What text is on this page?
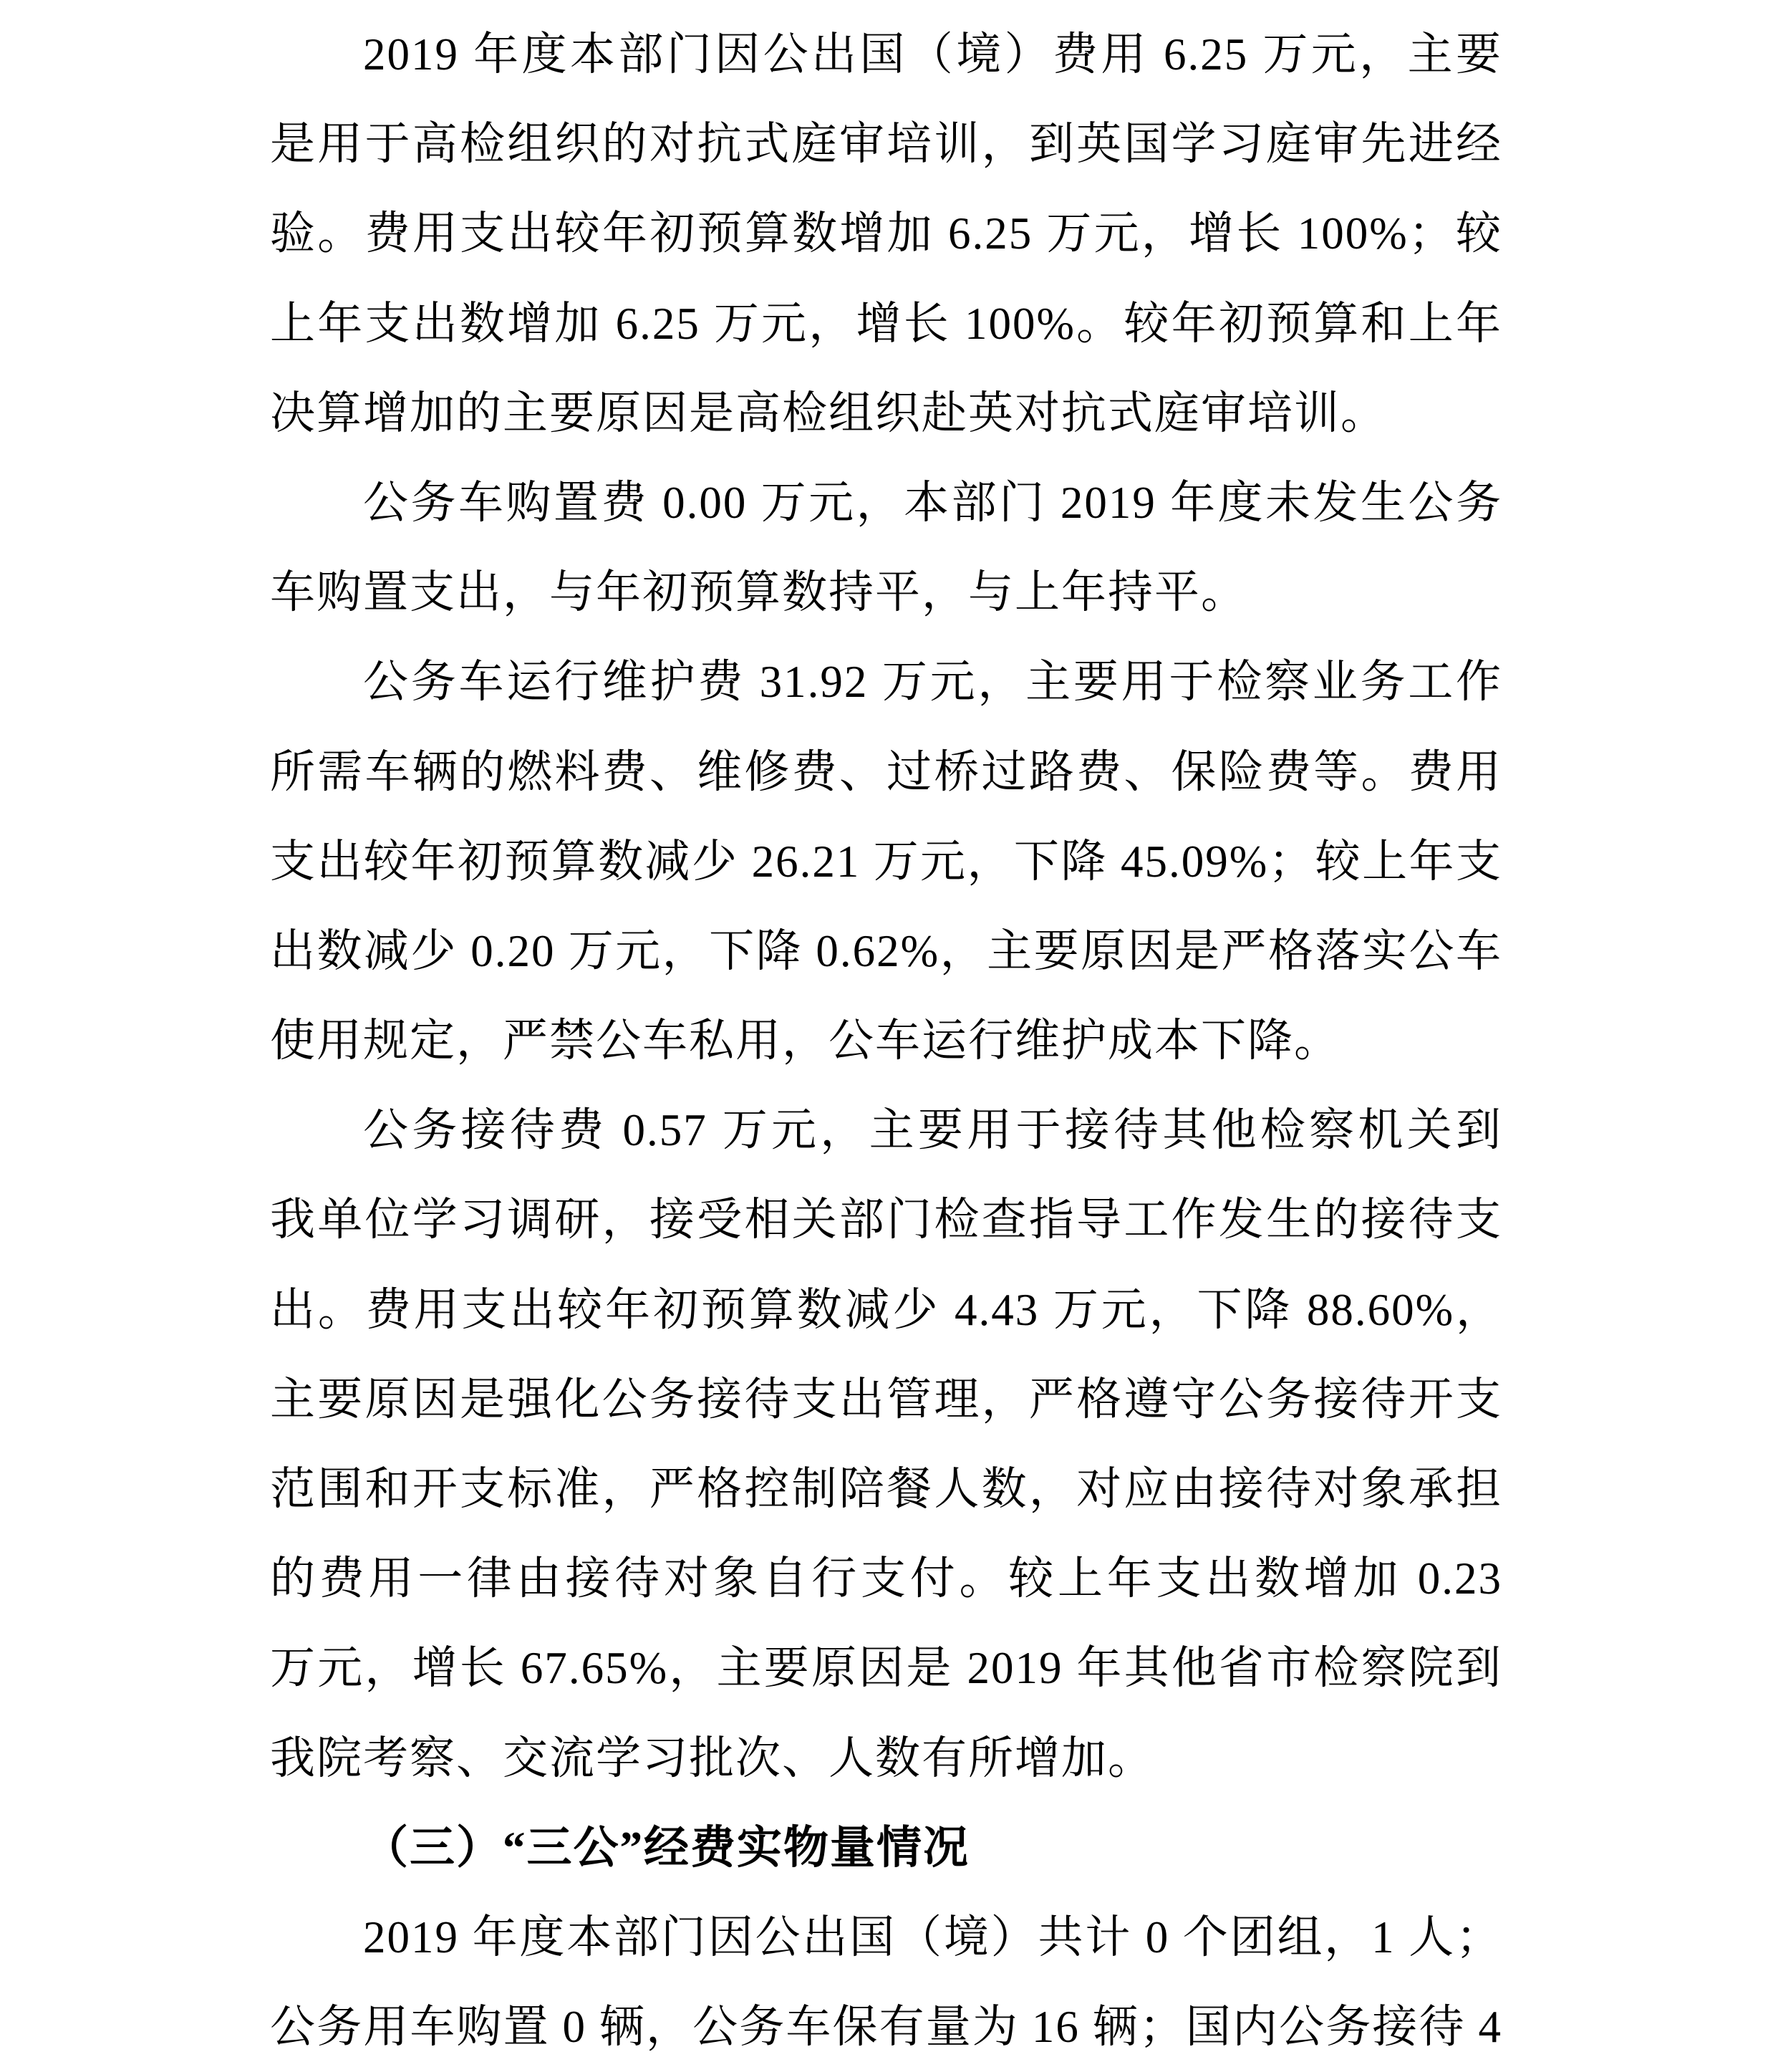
2019 年度本部门因公出国（境）费用 6.25 万元，主要
是用于高检组织的对抗式庭审培训，到英国学习庭审先进经
验。费用支出较年初预算数增加 6.25 万元，增长 100%；较
上年支出数增加 6.25 万元，增长 100%。较年初预算和上年
决算增加的主要原因是高检组织赴英对抗式庭审培训。
公务车购置费 0.00 万元，本部门 2019 年度未发生公务
车购置支出，与年初预算数持平，与上年持平。
公务车运行维护费 31.92 万元，主要用于检察业务工作
所需车辆的燃料费、维修费、过桥过路费、保险费等。费用
支出较年初预算数减少 26.21 万元，下降 45.09%；较上年支
出数减少 0.20 万元，下降 0.62%，主要原因是严格落实公车
使用规定，严禁公车私用，公车运行维护成本下降。
公务接待费 0.57 万元，主要用于接待其他检察机关到
我单位学习调研，接受相关部门检查指导工作发生的接待支
出。费用支出较年初预算数减少 4.43 万元，下降 88.60%，
主要原因是强化公务接待支出管理，严格遵守公务接待开支
范围和开支标准，严格控制陪餐人数，对应由接待对象承担
的费用一律由接待对象自行支付。较上年支出数增加 0.23
万元，增长 67.65%，主要原因是 2019 年其他省市检察院到
我院考察、交流学习批次、人数有所增加。
（三）“三公”经费实物量情况
2019 年度本部门因公出国（境）共计 0 个团组，1 人；
公务用车购置 0 辆，公务车保有量为 16 辆；国内公务接待 4
